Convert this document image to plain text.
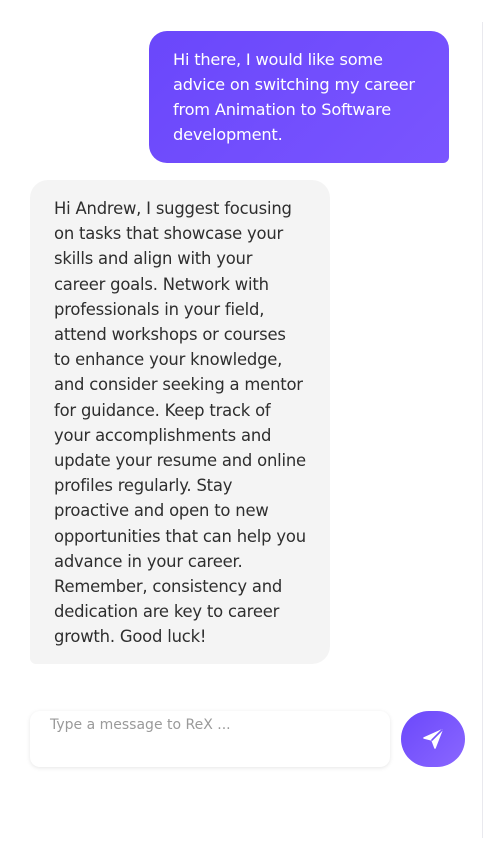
Hi there, I would like some
advice on switching my career
from Animation to Software
development.
Hi Andrew, I suggest focusing
on tasks that showcase your
skills and align with your
career goals. Network with
professionals in your field,
attend workshops or courses
to enhance your knowledge,
and consider seeking a mentor
for guidance. Keep track of
your accomplishments and
update your resume and online
profiles regularly. Stay
proactive and open to new
opportunities that can help you
advance in your career.
Remember, consistency and
dedication are key to career
growth. Good luck!
Type a message to ReX ...
